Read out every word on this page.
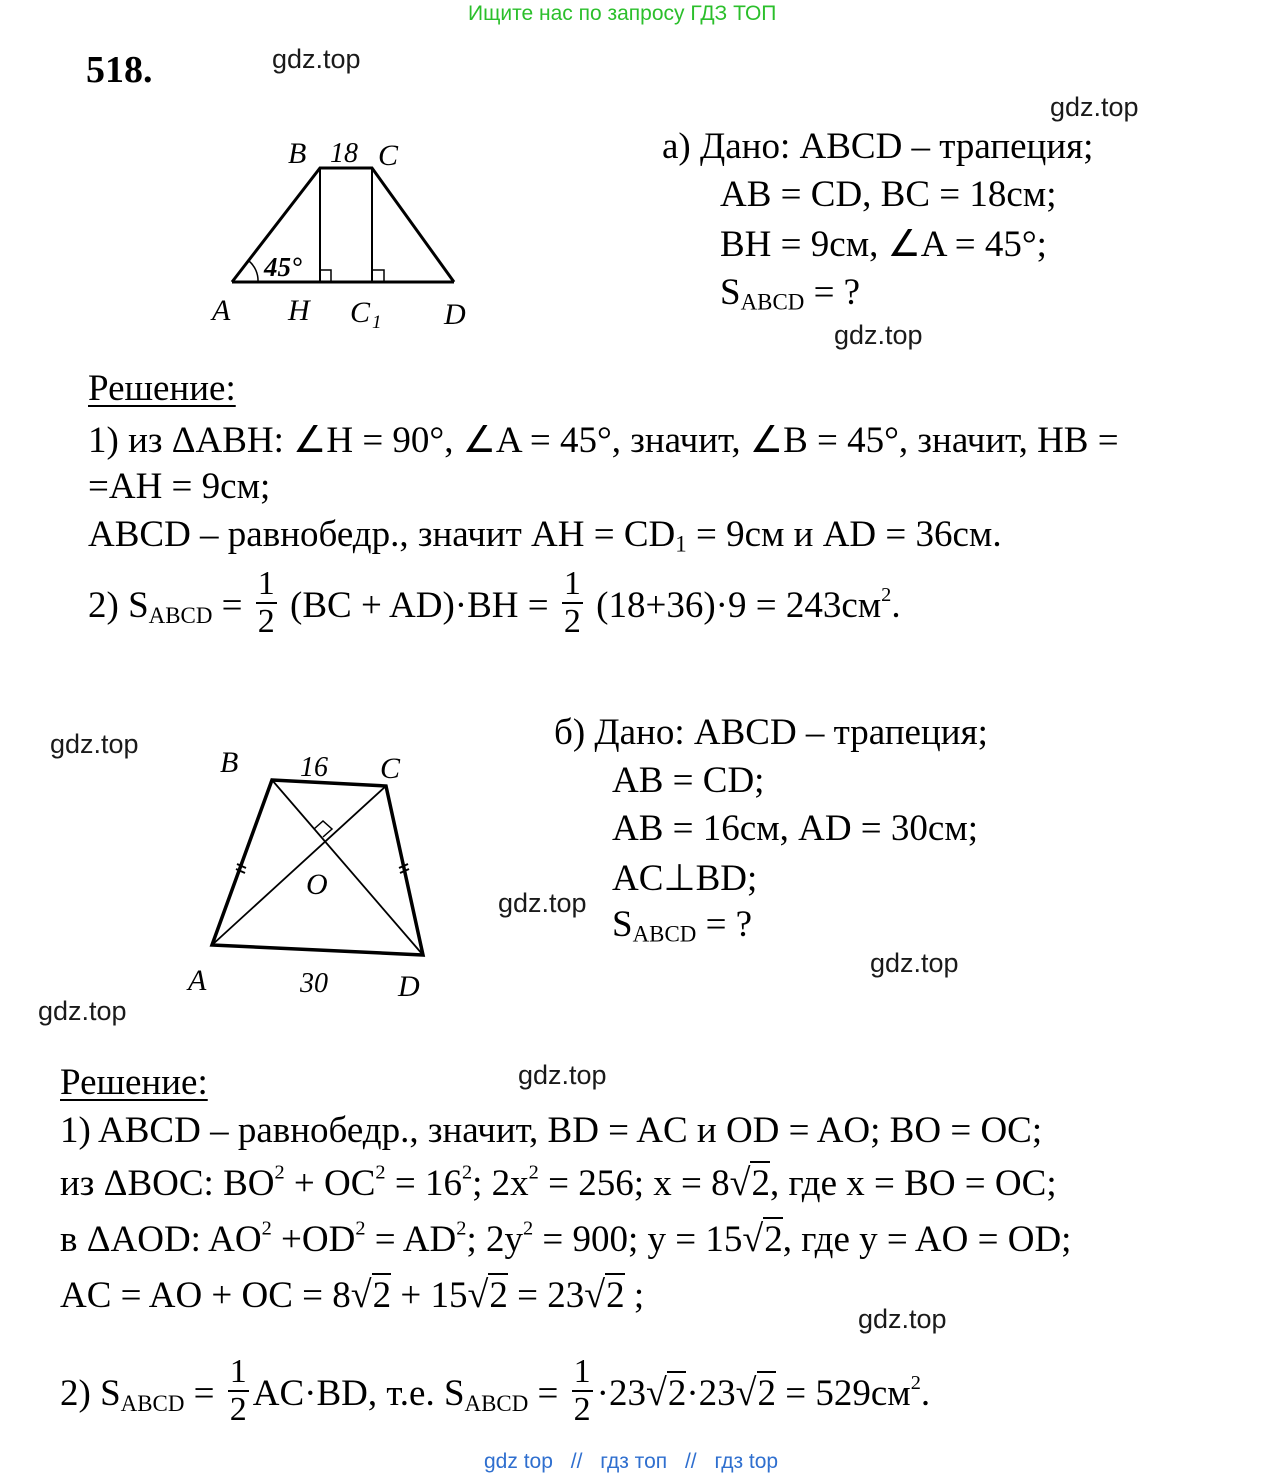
Ищите нас по запросу ГДЗ ТОП
518.	gdz.top
gdz.top
gdz.top
gdz.top
gdz.top
gdz.top
gdz.top
gdz.top
gdz.top
B C
18
45°
A H C 1 D
а) Дано: ABCD – трапеция;
AB = CD, BC = 18см;
BH = 9см, ∠A = 45°;
$S_{ABCD}$ = ?
Решение:
1) из ΔABH: ∠H = 90°, ∠A = 45°, значит, ∠B = 45°, значит, HB =
=AH = 9см;
ABCD – равнобедр., значит AH = $CD_1 = 9см$ и AD = 36см.
2) $S_{ABCD} = \frac{1}{2} (BC + AD)\cdot BH = \frac{1}{2} (18+36)\cdot 9 = 243см^2$.
B	C
16
O
A	30 D
б) Дано: ABCD – трапеция;
AB = CD;
AB = 16см, AD = 30см;
AC⊥BD;
$S_{ABCD}$ = ?
Решение:
1) ABCD – равнобедр., значит, BD = AC и OD = AO; BO = OC;
из ΔBOC: $BO^2 + OC^2 = 16^2$; $2x^2 = 256$; x = 8√2, где x = BO = OC;
в ΔAOD: $AO^2 +OD^2 = AD^2$; $2y^2 = 900$; y = 15√2, где y = AO = OD;
AC = AO + OC = 8√2 + 15√2 = 23√2 ;
2) $S_{ABCD} = \frac{1}{2} AC\cdot BD$, т.е. $S_{ABCD} = \frac{1}{2} \cdot 23√2\cdot 23√2 = 529см^2$.
gdz top // гдз топ // гдз top
